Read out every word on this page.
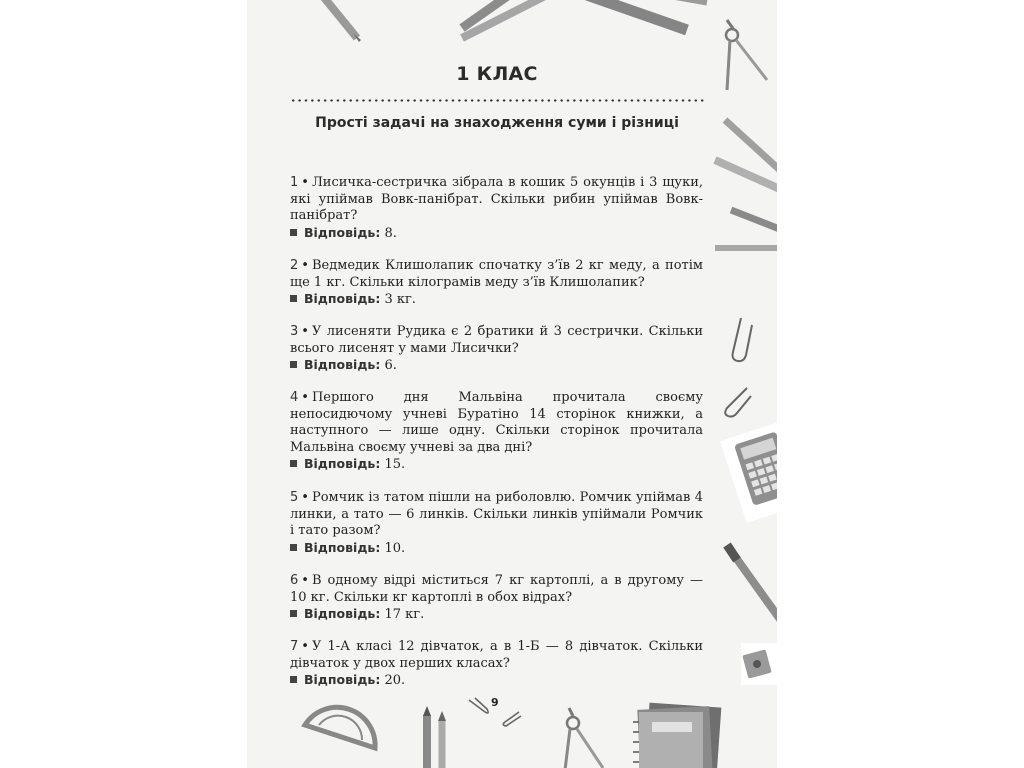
1 КЛАС
Прості задачі на знаходження суми і різниці
1 • Лисичка-сестричка зібрала в кошик 5 окунців і 3 щуки, які упіймав Вовк-панібрат. Скільки рибин упіймав Вовк-панібрат?
Відповідь: 8.
2 • Ведмедик Клишолапик спочатку з’їв 2 кг меду, а потім ще 1 кг. Скільки кілограмів меду з’їв Клишолапик?
Відповідь: 3 кг.
3 • У лисеняти Рудика є 2 братики й 3 сестрички. Скільки всього лисенят у мами Лисички?
Відповідь: 6.
4 • Першого дня Мальвіна прочитала своєму непосидючому учневі Буратіно 14 сторінок книжки, а наступного — лише одну. Скільки сторінок прочитала Мальвіна своєму учневі за два дні?
Відповідь: 15.
5 • Ромчик із татом пішли на риболовлю. Ромчик упіймав 4 линки, а тато — 6 линків. Скільки линків упіймали Ромчик і тато разом?
Відповідь: 10.
6 • В одному відрі міститься 7 кг картоплі, а в другому — 10 кг. Скільки кг картоплі в обох відрах?
Відповідь: 17 кг.
7 • У 1-А класі 12 дівчаток, а в 1-Б — 8 дівчаток. Скільки дівчаток у двох перших класах?
Відповідь: 20.
9
